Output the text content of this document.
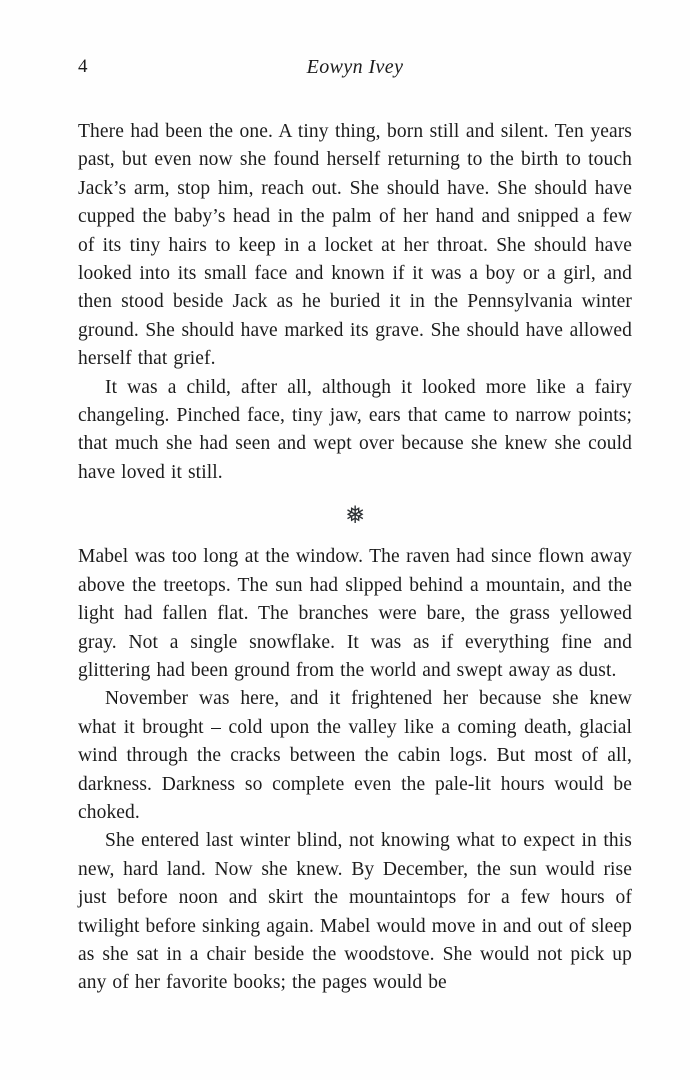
4	Eowyn Ivey

There had been the one. A tiny thing, born still and silent. Ten years past, but even now she found herself returning to the birth to touch Jack’s arm, stop him, reach out. She should have. She should have cupped the baby’s head in the palm of her hand and snipped a few of its tiny hairs to keep in a locket at her throat. She should have looked into its small face and known if it was a boy or a girl, and then stood beside Jack as he buried it in the Pennsylvania winter ground. She should have marked its grave. She should have allowed herself that grief.

It was a child, after all, although it looked more like a fairy changeling. Pinched face, tiny jaw, ears that came to narrow points; that much she had seen and wept over because she knew she could have loved it still.

❅

Mabel was too long at the window. The raven had since flown away above the treetops. The sun had slipped behind a mountain, and the light had fallen flat. The branches were bare, the grass yellowed gray. Not a single snowflake. It was as if everything fine and glittering had been ground from the world and swept away as dust.

November was here, and it frightened her because she knew what it brought – cold upon the valley like a coming death, glacial wind through the cracks between the cabin logs. But most of all, darkness. Darkness so complete even the pale-lit hours would be choked.

She entered last winter blind, not knowing what to expect in this new, hard land. Now she knew. By December, the sun would rise just before noon and skirt the mountaintops for a few hours of twilight before sinking again. Mabel would move in and out of sleep as she sat in a chair beside the woodstove. She would not pick up any of her favorite books; the pages would be
